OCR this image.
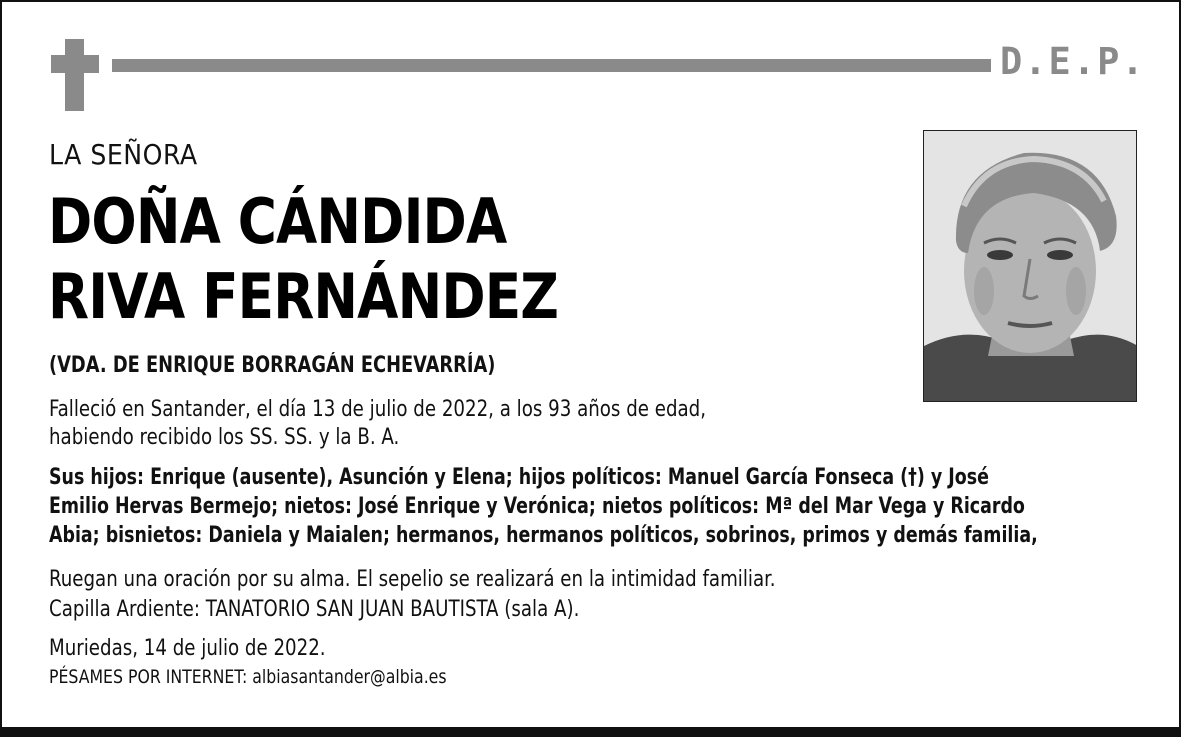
D.E.P.
LA SEÑORA
DOÑA CÁNDIDA
RIVA FERNÁNDEZ
(VDA. DE ENRIQUE BORRAGÁN ECHEVARRÍA)
Falleció en Santander, el día 13 de julio de 2022, a los 93 años de edad,
habiendo recibido los SS. SS. y la B. A.
Sus hijos: Enrique (ausente), Asunción y Elena; hijos políticos: Manuel García Fonseca (†) y José
Emilio Hervas Bermejo; nietos: José Enrique y Verónica; nietos políticos: Mª del Mar Vega y Ricardo
Abia; bisnietos: Daniela y Maialen; hermanos, hermanos políticos, sobrinos, primos y demás familia,
Ruegan una oración por su alma. El sepelio se realizará en la intimidad familiar.
Capilla Ardiente: TANATORIO SAN JUAN BAUTISTA (sala A).
Muriedas, 14 de julio de 2022.
PÉSAMES POR INTERNET: albiasantander@albia.es
